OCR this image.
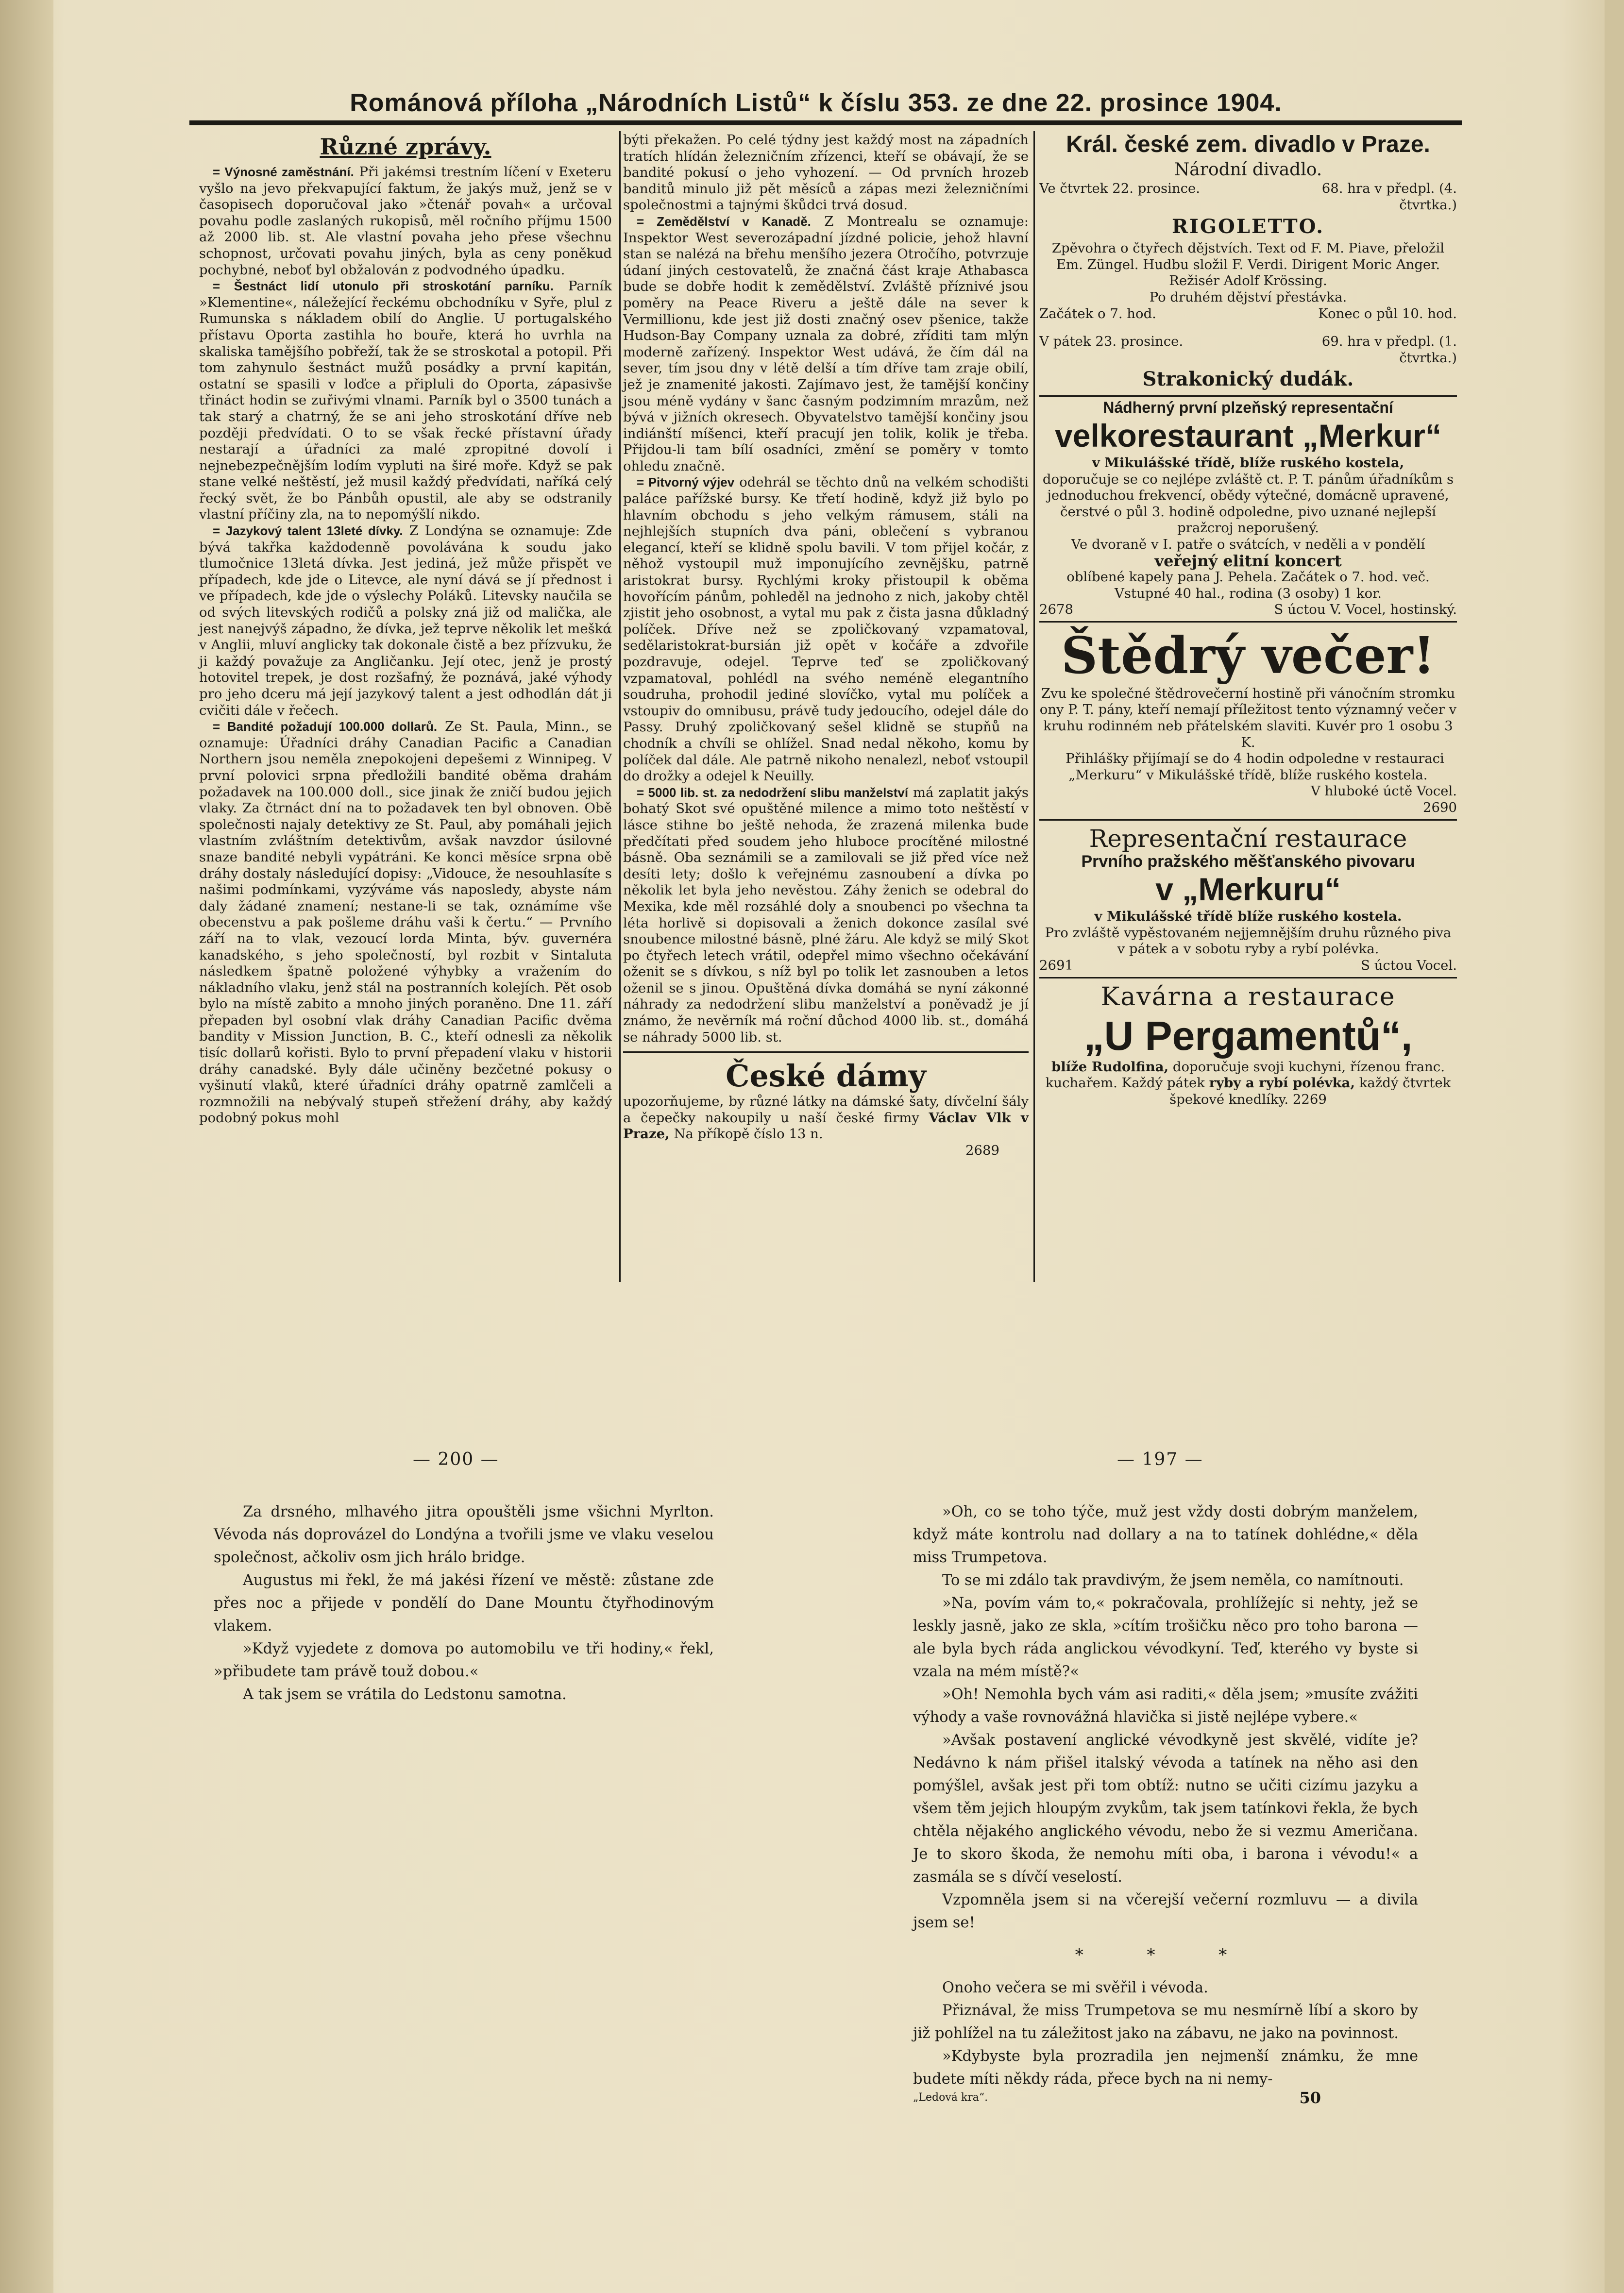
Románová příloha „Národních Listů“ k číslu 353. ze dne 22. prosince 1904.
Různé zprávy.

= Výnosné zaměstnání. Při jakémsi trestním líčení v Exeteru vyšlo na jevo překvapující faktum, že jakýs muž, jenž se v časopisech doporučoval jako »čtenář povah« a určoval povahu podle zaslaných rukopisů, měl ročního příjmu 1500 až 2000 lib. st. Ale vlastní povaha jeho přese všechnu schopnost, určovati povahu jiných, byla as ceny poněkud pochybné, neboť byl obžalován z podvodného úpadku.

= Šestnáct lidí utonulo při stroskotání parníku. Parník »Klementine«, náležející řeckému obchodníku v Syře, plul z Rumunska s nákladem obilí do Anglie. U portugalského přístavu Oporta zastihla ho bouře, která ho uvrhla na skaliska tamějšího pobřeží, tak že se stroskotal a potopil. Při tom zahynulo šestnáct mužů posádky a první kapitán, ostatní se spasili v loďce a připluli do Oporta, zápasivše třináct hodin se zuřivými vlnami. Parník byl o 3500 tunách a tak starý a chatrný, že se ani jeho stroskotání dříve neb později předvídati. O to se však řecké přístavní úřady nestarají a úřadníci za malé zpropitné dovolí i nejnebezpečnějším lodím vypluti na širé moře. Když se pak stane velké neštěstí, jež musil každý předvídati, naříká celý řecký svět, že bo Pánbůh opustil, ale aby se odstranily vlastní příčiny zla, na to nepomýšlí nikdo.

= Jazykový talent 13leté dívky. Z Londýna se oznamuje: Zde bývá takřka každodenně povolávána k soudu jako tlumočnice 13letá dívka. Jest jediná, jež může přispět ve případech, kde jde o Litevce, ale nyní dává se jí přednost i ve případech, kde jde o výslechy Poláků. Litevsky naučila se od svých litevských rodičů a polsky zná již od malička, ale jest nanejvýš západno, že dívka, jež teprve několik let meškά v Anglii, mluví anglicky tak dokonale čistě a bez přízvuku, že ji každý považuje za Angličanku. Její otec, jenž je prostý hotovitel trepek, je dost rozšafný, že poznává, jaké výhody pro jeho dceru má její jazykový talent a jest odhodlán dát ji cvičiti dále v řečech.

= Bandité požadují 100.000 dollarů. Ze St. Paula, Minn., se oznamuje: Úřadníci dráhy Canadian Pacific a Canadian Northern jsou neměla znepokojeni depešemi z Winnipeg. V první polovici srpna předložili bandité oběma drahám požadavek na 100.000 doll., sice jinak že zničí budou jejich vlaky. Za čtrnáct dní na to požadavek ten byl obnoven. Obě společnosti najaly detektivy ze St. Paul, aby pomáhali jejich vlastním zvláštním detektivům, avšak navzdor úsilovné snaze bandité nebyli vypátráni. Ke konci měsíce srpna obě dráhy dostaly následující dopisy: „Vidouce, že nesouhlasíte s našimi podmínkami, vyzýváme vás naposledy, abyste nám daly žádané znamení; nestane-li se tak, oznámíme vše obecenstvu a pak pošleme dráhu vaši k čertu.“ — Prvního září na to vlak, vezoucí lorda Minta, býv. guvernéra kanadského, s jeho společností, byl rozbit v Sintaluta následkem špatně položené výhybky a vražením do nákladního vlaku, jenž stál na postranních kolejích. Pět osob bylo na místě zabito a mnoho jiných poraněno. Dne 11. září přepaden byl osobní vlak dráhy Canadian Pacific dvěma bandity v Mission Junction, B. C., kteří odnesli za několik tisíc dollarů kořisti. Bylo to první přepadení vlaku v historii dráhy canadské. Byly dále učiněny bezčetné pokusy o vyšinutí vlaků, které úřadníci dráhy opatrně zamlčeli a rozmnožili na nebývalý stupeň střežení dráhy, aby každý podobný pokus mohl

býti překažen. Po celé týdny jest každý most na západních tratích hlídán železničním zřízenci, kteří se obávají, že se bandité pokusí o jeho vyhození. — Od prvních hrozeb banditů minulo již pět měsíců a zápas mezi železničními společnostmi a tajnými škůdci trvá dosud.

= Zemědělství v Kanadě. Z Montrealu se oznamuje: Inspektor West severozápadní jízdné policie, jehož hlavní stan se nalézá na břehu menšího jezera Otročího, potvrzuje údaní jiných cestovatelů, že značná část kraje Athabasca bude se dobře hodit k zemědělství. Zvláště příznivé jsou poměry na Peace Riveru a ještě dále na sever k Vermillionu, kde jest již dosti značný osev pšenice, takže Hudson-Bay Company uznala za dobré, zříditi tam mlýn moderně zařízený. Inspektor West udává, že čím dál na sever, tím jsou dny v létě delší a tím dříve tam zraje obilí, jež je znamenité jakosti. Zajímavo jest, že tamější končiny jsou méně vydány v šanc časným podzimním mrazům, než bývá v jižních okresech. Obyvatelstvo tamější končiny jsou indiánští míšenci, kteří pracují jen tolik, kolik je třeba. Přijdou-li tam bílí osadníci, změní se poměry v tomto ohledu značně.

= Pitvorný výjev odehrál se těchto dnů na velkém schodišti paláce pařížské bursy. Ke třetí hodině, když již bylo po hlavním obchodu s jeho velkým rámusem, stáli na nejhlejších stupních dva páni, oblečení s vybranou elegancí, kteří se klidně spolu bavili. V tom přijel kočár, z něhož vystoupil muž imponujícího zevnějšku, patrně aristokrat bursy. Rychlými kroky přistoupil k oběma hovořícím pánům, pohleděl na jednoho z nich, jakoby chtěl zjistit jeho osobnost, a vytal mu pak z čista jasna důkladný políček. Dříve než se zpoličkovaný vzpamatoval, sedělaristokrat-bursián již opět v kočáře a zdvořile pozdravuje, odejel. Teprve teď se zpoličkovaný vzpamatoval, pohlédl na svého neméně elegantního soudruha, prohodil jediné slovíčko, vytal mu políček a vstoupiv do omnibusu, právě tudy jedoucího, odejel dále do Passy. Druhý zpoličkovaný sešel klidně se stupňů na chodník a chvíli se ohlížel. Snad nedal někoho, komu by políček dal dále. Ale patrně nikoho nenalezl, neboť vstoupil do drožky a odejel k Neuilly.

= 5000 lib. st. za nedodržení slibu manželství má zaplatit jakýs bohatý Skot své opuštěné milence a mimo toto neštěstí v lásce stihne bo ještě nehoda, že zrazená milenka bude předčítati před soudem jeho hluboce procítěné milostné básně. Oba seznámili se a zamilovali se již před více než desíti lety; došlo k veřejnému zasnoubení a dívka po několik let byla jeho nevěstou. Záhy ženich se odebral do Mexika, kde měl rozsáhlé doly a snoubenci po všechna ta léta horlivě si dopisovali a ženich dokonce zasílal své snoubence milostné básně, plné žáru. Ale když se milý Skot po čtyřech letech vrátil, odepřel mimo všechno očekávání oženit se s dívkou, s níž byl po tolik let zasnouben a letos oženil se s jinou. Opuštěná dívka domáhá se nyní zákonné náhrady za nedodržení slibu manželství a poněvadž je jí známo, že nevěrník má roční důchod 4000 lib. st., domáhá se náhrady 5000 lib. st.

České dámy

upozorňujeme, by různé látky na dámské šaty, dívčelní šály a čepečky nakoupily u naší české firmy Václav Vlk v Praze, Na příkopě číslo 13 n.

2689
Král. české zem. divadlo v Praze.
Národní divadlo.
Ve čtvrtek 22. prosince.	68. hra v předpl. (4. čtvrtka.)
RIGOLETTO.

Zpěvohra o čtyřech dějstvích. Text od F. M. Piave, přeložil Em. Züngel. Hudbu složil F. Verdi. Dirigent Moric Anger. Režisér Adolf Krössing.

Po druhém dějství přestávka.
Začátek o 7. hod.	Konec o půl 10. hod.
V pátek 23. prosince.	69. hra v předpl. (1. čtvrtka.)
Strakonický dudák.
Nádherný první plzeňský representační
velkorestaurant „Merkur“
v Mikulášské třídě, blíže ruského kostela,

doporučuje se co nejlépe zvláště ct. P. T. pánům úřadníkům s jednoduchou frekvencí, obědy výtečné, domácně upravené, čerstvé o půl 3. hodině odpoledne, pivo uznané nejlepší pražcroj neporušený.

Ve dvoraně v I. patře o svátcích, v neděli a v pondělí
veřejný elitní koncert

oblíbené kapely pana J. Pehela. Začátek o 7. hod. več. Vstupné 40 hal., rodina (3 osoby) 1 kor.

2678	S úctou V. Vocel, hostinský.
Štědrý večer!

Zvu ke společné štědrovečerní hostině při vánočním stromku ony P. T. pány, kteří nemají příležitost tento významný večer v kruhu rodinném neb přátelském slaviti. Kuvér pro 1 osobu 3 K.

Přihlášky přijímají se do 4 hodin odpoledne v restauraci „Merkuru“ v Mikulášské třídě, blíže ruského kostela.

V hluboké úctě Vocel.
2690
Representační restaurace
Prvního pražského měšťanského pivovaru
v „Merkuru“
v Mikulášské třídě blíže ruského kostela.

Pro zvláště vypěstovaném nejjemnějším druhu různého piva v pátek a v sobotu ryby a rybí polévka.

2691	S úctou Vocel.
Kavárna a restaurace
„U Pergamentů“,

blíže Rudolfina, doporučuje svoji kuchyni, řízenou franc. kuchařem. Každý pátek ryby a rybí polévka, každý čtvrtek špekové knedlíky. 2269

— 200 —

Za drsného, mlhavého jitra opouštěli jsme všichni Myrlton. Vévoda nás doprovázel do Londýna a tvořili jsme ve vlaku veselou společnost, ačkoliv osm jich hrálo bridge.

Augustus mi řekl, že má jakési řízení ve městě: zůstane zde přes noc a přijede v pondělí do Dane Mountu čtyřhodinovým vlakem.

»Když vyjedete z domova po automobilu ve tři hodiny,« řekl, »přibudete tam právě touž dobou.«

A tak jsem se vrátila do Ledstonu samotna.

— 197 —

»Oh, co se toho týče, muž jest vždy dosti dobrým manželem, když máte kontrolu nad dollary a na to tatínek dohlédne,« děla miss Trumpetova.

To se mi zdálo tak pravdivým, že jsem neměla, co namítnouti.

»Na, povím vám to,« pokračovala, prohlížejíc si nehty, jež se leskly jasně, jako ze skla, »cítím trošičku něco pro toho barona — ale byla bych ráda anglickou vévodkyní. Teď, kterého vy byste si vzala na mém místě?«

»Oh! Nemohla bych vám asi raditi,« děla jsem; »musíte zvážiti výhody a vaše rovnovážná hlavička si jistě nejlépe vybere.«

»Avšak postavení anglické vévodkyně jest skvělé, vidíte je? Nedávno k nám přišel italský vévoda a tatínek na něho asi den pomýšlel, avšak jest při tom obtíž: nutno se učiti cizímu jazyku a všem těm jejich hloupým zvykům, tak jsem tatínkovi řekla, že bych chtěla nějakého anglického vévodu, nebo že si vezmu Američana. Je to skoro škoda, že nemohu míti oba, i barona i vévodu!« a zasmála se s dívčí veselostí.

Vzpomněla jsem si na včerejší večerní rozmluvu — a divila jsem se!

* * *

Onoho večera se mi svěřil i vévoda.

Přiznával, že miss Trumpetova se mu nesmírně líbí a skoro by již pohlížel na tu záležitost jako na zábavu, ne jako na povinnost.

»Kdybyste byla prozradila jen nejmenší známku, že mne budete míti někdy ráda, přece bych na ni nemy-

„Ledová kra“.	50
